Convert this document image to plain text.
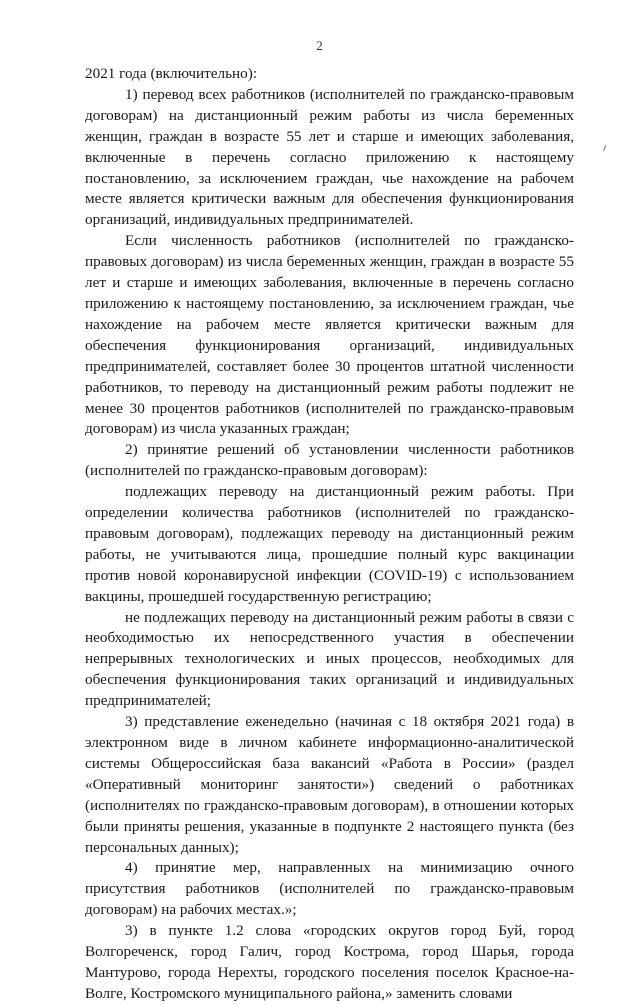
2

2021 года (включительно):

1) перевод всех работников (исполнителей по гражданско-правовым договорам) на дистанционный режим работы из числа беременных женщин, граждан в возрасте 55 лет и старше и имеющих заболевания, включенные в перечень согласно приложению к настоящему постановлению, за исключением граждан, чье нахождение на рабочем месте является критически важным для обеспечения функционирования организаций, индивидуальных предпринимателей.

Если численность работников (исполнителей по гражданско-правовых договорам) из числа беременных женщин, граждан в возрасте 55 лет и старше и имеющих заболевания, включенные в перечень согласно приложению к настоящему постановлению, за исключением граждан, чье нахождение на рабочем месте является критически важным для обеспечения функционирования организаций, индивидуальных предпринимателей, составляет более 30 процентов штатной численности работников, то переводу на дистанционный режим работы подлежит не менее 30 процентов работников (исполнителей по гражданско-правовым договорам) из числа указанных граждан;

2) принятие решений об установлении численности работников (исполнителей по гражданско-правовым договорам):

подлежащих переводу на дистанционный режим работы. При определении количества работников (исполнителей по гражданско-правовым договорам), подлежащих переводу на дистанционный режим работы, не учитываются лица, прошедшие полный курс вакцинации против новой коронавирусной инфекции (COVID-19) с использованием вакцины, прошедшей государственную регистрацию;

не подлежащих переводу на дистанционный режим работы в связи с необходимостью их непосредственного участия в обеспечении непрерывных технологических и иных процессов, необходимых для обеспечения функционирования таких организаций и индивидуальных предпринимателей;

3) представление еженедельно (начиная с 18 октября 2021 года) в электронном виде в личном кабинете информационно-аналитической системы Общероссийская база вакансий «Работа в России» (раздел «Оперативный мониторинг занятости») сведений о работниках (исполнителях по гражданско-правовым договорам), в отношении которых были приняты решения, указанные в подпункте 2 настоящего пункта (без персональных данных);

4) принятие мер, направленных на минимизацию очного присутствия работников (исполнителей по гражданско-правовым договорам) на рабочих местах.»;

3) в пункте 1.2 слова «городских округов город Буй, город Волгореченск, город Галич, город Кострома, город Шарья, города Мантурово, города Нерехты, городского поселения поселок Красное-на-Волге, Костромского муниципального района,» заменить словами
